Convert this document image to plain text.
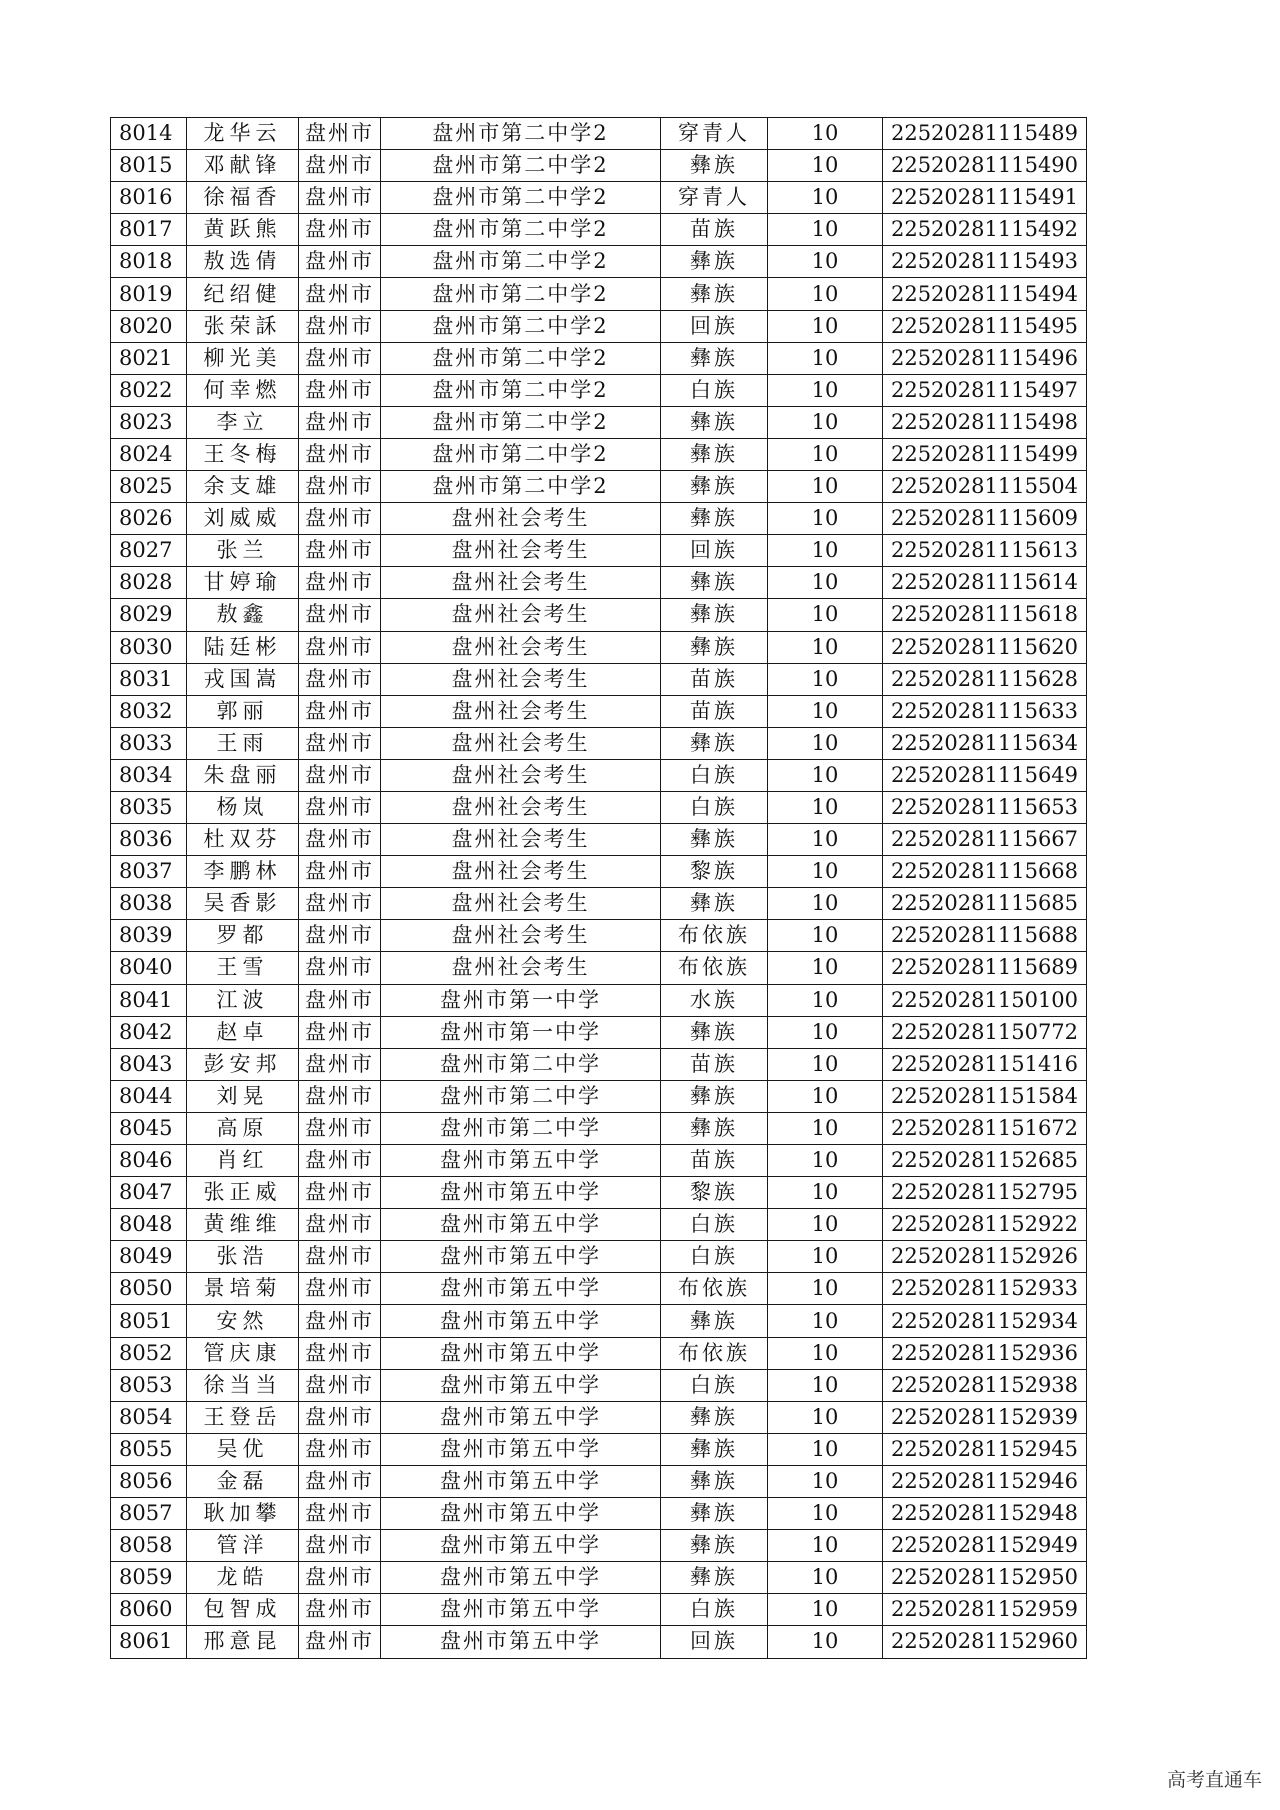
8014	龙华云	盘州市	盘州市第二中学2	穿青人	10	22520281115489
8015	邓献锋	盘州市	盘州市第二中学2	彝族	10	22520281115490
8016	徐福香	盘州市	盘州市第二中学2	穿青人	10	22520281115491
8017	黄跃熊	盘州市	盘州市第二中学2	苗族	10	22520281115492
8018	敖选倩	盘州市	盘州市第二中学2	彝族	10	22520281115493
8019	纪绍健	盘州市	盘州市第二中学2	彝族	10	22520281115494
8020	张荣訸	盘州市	盘州市第二中学2	回族	10	22520281115495
8021	柳光美	盘州市	盘州市第二中学2	彝族	10	22520281115496
8022	何幸燃	盘州市	盘州市第二中学2	白族	10	22520281115497
8023	李立	盘州市	盘州市第二中学2	彝族	10	22520281115498
8024	王冬梅	盘州市	盘州市第二中学2	彝族	10	22520281115499
8025	余支雄	盘州市	盘州市第二中学2	彝族	10	22520281115504
8026	刘威威	盘州市	盘州社会考生	彝族	10	22520281115609
8027	张兰	盘州市	盘州社会考生	回族	10	22520281115613
8028	甘婷瑜	盘州市	盘州社会考生	彝族	10	22520281115614
8029	敖鑫	盘州市	盘州社会考生	彝族	10	22520281115618
8030	陆廷彬	盘州市	盘州社会考生	彝族	10	22520281115620
8031	戎国嵩	盘州市	盘州社会考生	苗族	10	22520281115628
8032	郭丽	盘州市	盘州社会考生	苗族	10	22520281115633
8033	王雨	盘州市	盘州社会考生	彝族	10	22520281115634
8034	朱盘丽	盘州市	盘州社会考生	白族	10	22520281115649
8035	杨岚	盘州市	盘州社会考生	白族	10	22520281115653
8036	杜双芬	盘州市	盘州社会考生	彝族	10	22520281115667
8037	李鹏林	盘州市	盘州社会考生	黎族	10	22520281115668
8038	吴香影	盘州市	盘州社会考生	彝族	10	22520281115685
8039	罗都	盘州市	盘州社会考生	布依族	10	22520281115688
8040	王雪	盘州市	盘州社会考生	布依族	10	22520281115689
8041	江波	盘州市	盘州市第一中学	水族	10	22520281150100
8042	赵卓	盘州市	盘州市第一中学	彝族	10	22520281150772
8043	彭安邦	盘州市	盘州市第二中学	苗族	10	22520281151416
8044	刘晃	盘州市	盘州市第二中学	彝族	10	22520281151584
8045	高原	盘州市	盘州市第二中学	彝族	10	22520281151672
8046	肖红	盘州市	盘州市第五中学	苗族	10	22520281152685
8047	张正威	盘州市	盘州市第五中学	黎族	10	22520281152795
8048	黄维维	盘州市	盘州市第五中学	白族	10	22520281152922
8049	张浩	盘州市	盘州市第五中学	白族	10	22520281152926
8050	景培菊	盘州市	盘州市第五中学	布依族	10	22520281152933
8051	安然	盘州市	盘州市第五中学	彝族	10	22520281152934
8052	管庆康	盘州市	盘州市第五中学	布依族	10	22520281152936
8053	徐当当	盘州市	盘州市第五中学	白族	10	22520281152938
8054	王登岳	盘州市	盘州市第五中学	彝族	10	22520281152939
8055	吴优	盘州市	盘州市第五中学	彝族	10	22520281152945
8056	金磊	盘州市	盘州市第五中学	彝族	10	22520281152946
8057	耿加攀	盘州市	盘州市第五中学	彝族	10	22520281152948
8058	管洋	盘州市	盘州市第五中学	彝族	10	22520281152949
8059	龙皓	盘州市	盘州市第五中学	彝族	10	22520281152950
8060	包智成	盘州市	盘州市第五中学	白族	10	22520281152959
8061	邢意昆	盘州市	盘州市第五中学	回族	10	22520281152960
高考直通车
